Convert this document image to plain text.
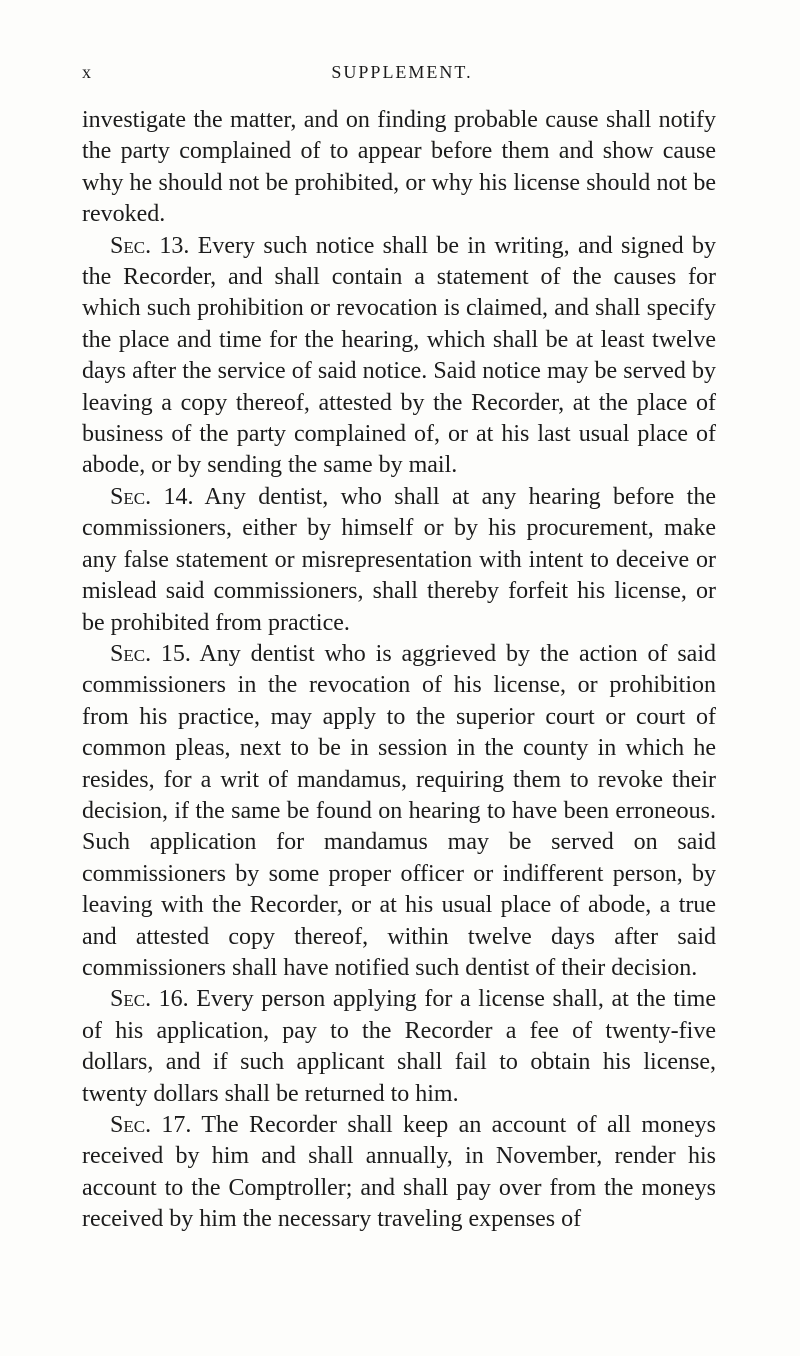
x	SUPPLEMENT.

investigate the matter, and on finding probable cause shall notify the party complained of to appear before them and show cause why he should not be prohibited, or why his license should not be revoked.

Sec. 13. Every such notice shall be in writing, and signed by the Recorder, and shall contain a statement of the causes for which such prohibition or revocation is claimed, and shall specify the place and time for the hearing, which shall be at least twelve days after the service of said notice. Said notice may be served by leaving a copy thereof, attested by the Recorder, at the place of business of the party complained of, or at his last usual place of abode, or by sending the same by mail.

Sec. 14. Any dentist, who shall at any hearing before the commissioners, either by himself or by his procurement, make any false statement or misrepresentation with intent to deceive or mislead said commissioners, shall thereby forfeit his license, or be prohibited from practice.

Sec. 15. Any dentist who is aggrieved by the action of said commissioners in the revocation of his license, or prohibition from his practice, may apply to the superior court or court of common pleas, next to be in session in the county in which he resides, for a writ of mandamus, requiring them to revoke their decision, if the same be found on hearing to have been erroneous. Such application for mandamus may be served on said commissioners by some proper officer or indifferent person, by leaving with the Recorder, or at his usual place of abode, a true and attested copy thereof, within twelve days after said commissioners shall have notified such dentist of their decision.

Sec. 16. Every person applying for a license shall, at the time of his application, pay to the Recorder a fee of twenty-five dollars, and if such applicant shall fail to obtain his license, twenty dollars shall be returned to him.

Sec. 17. The Recorder shall keep an account of all moneys received by him and shall annually, in November, render his account to the Comptroller; and shall pay over from the moneys received by him the necessary traveling expenses of
